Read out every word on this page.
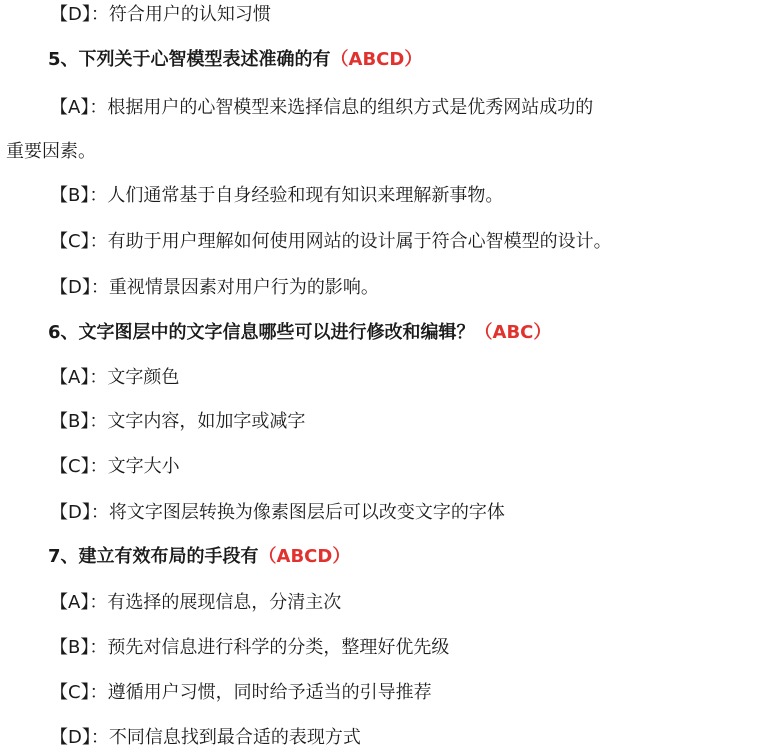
【D】：符合用户的认知习惯
5、下列关于心智模型表述准确的有（ABCD）
【A】：根据用户的心智模型来选择信息的组织方式是优秀网站成功的
重要因素。
【B】：人们通常基于自身经验和现有知识来理解新事物。
【C】：有助于用户理解如何使用网站的设计属于符合心智模型的设计。
【D】：重视情景因素对用户行为的影响。
6、文字图层中的文字信息哪些可以进行修改和编辑？（ABC）
【A】：文字颜色
【B】：文字内容，如加字或减字
【C】：文字大小
【D】：将文字图层转换为像素图层后可以改变文字的字体
7、建立有效布局的手段有（ABCD）
【A】：有选择的展现信息，分清主次
【B】：预先对信息进行科学的分类，整理好优先级
【C】：遵循用户习惯，同时给予适当的引导推荐
【D】：不同信息找到最合适的表现方式
